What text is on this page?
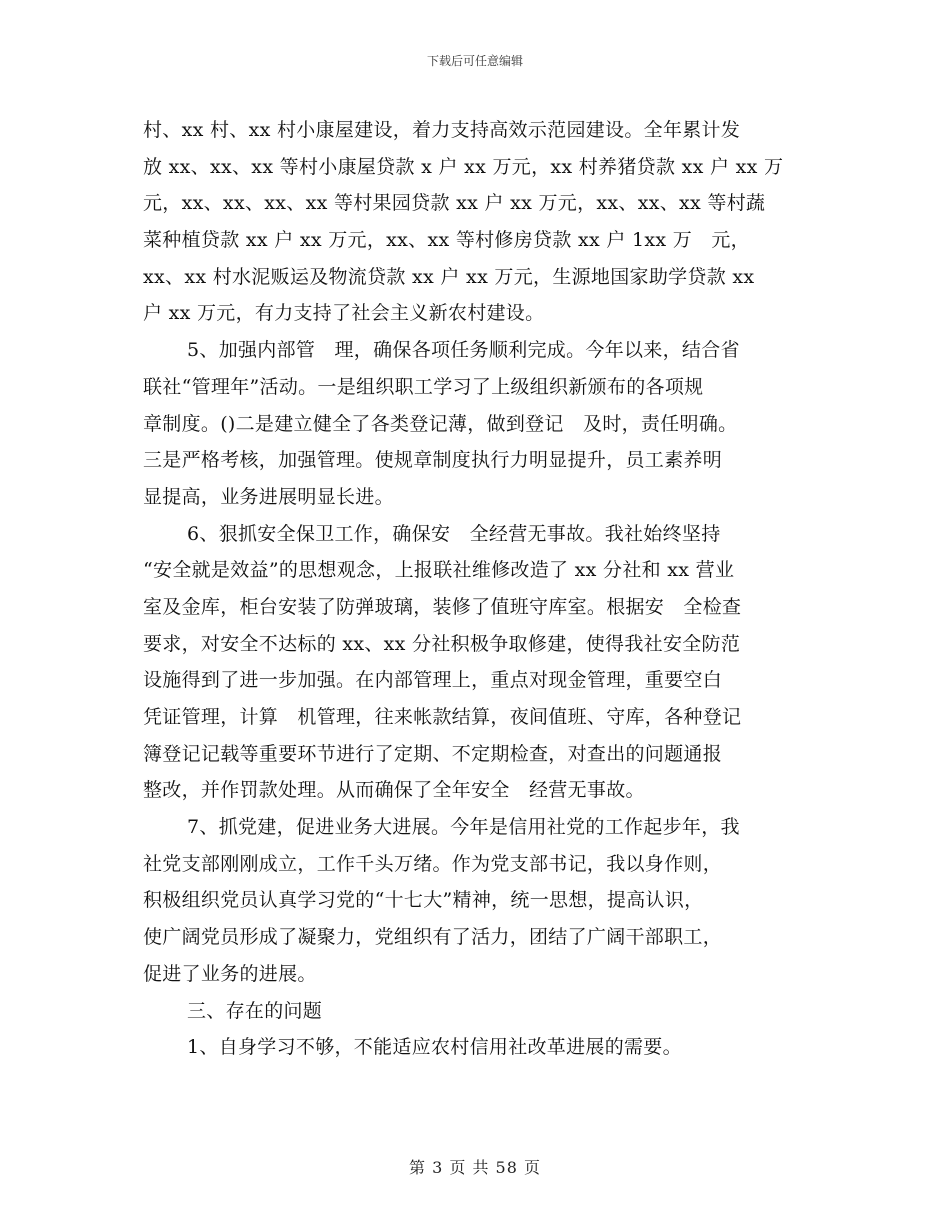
下载后可任意编辑
村、xx 村、xx 村小康屋建设，着力支持高效示范园建设。全年累计发
放 xx、xx、xx 等村小康屋贷款 x 户 xx 万元，xx 村养猪贷款 xx 户 xx 万
元，xx、xx、xx、xx 等村果园贷款 xx 户 xx 万元，xx、xx、xx 等村蔬
菜种植贷款 xx 户 xx 万元，xx、xx 等村修房贷款 xx 户 1xx 万　元，
xx、xx 村水泥贩运及物流贷款 xx 户 xx 万元，生源地国家助学贷款 xx
户 xx 万元，有力支持了社会主义新农村建设。
5、加强内部管　理，确保各项任务顺利完成。今年以来，结合省
联社“管理年”活动。一是组织职工学习了上级组织新颁布的各项规
章制度。()二是建立健全了各类登记薄，做到登记　及时，责任明确。
三是严格考核，加强管理。使规章制度执行力明显提升，员工素养明
显提高，业务进展明显长进。
6、狠抓安全保卫工作，确保安　全经营无事故。我社始终坚持
“安全就是效益”的思想观念，上报联社维修改造了 xx 分社和 xx 营业
室及金库，柜台安装了防弹玻璃，装修了值班守库室。根据安　全检查
要求，对安全不达标的 xx、xx 分社积极争取修建，使得我社安全防范
设施得到了进一步加强。在内部管理上，重点对现金管理，重要空白
凭证管理，计算　机管理，往来帐款结算，夜间值班、守库，各种登记
簿登记记载等重要环节进行了定期、不定期检查，对查出的问题通报
整改，并作罚款处理。从而确保了全年安全　经营无事故。
7、抓党建，促进业务大进展。今年是信用社党的工作起步年，我
社党支部刚刚成立，工作千头万绪。作为党支部书记，我以身作则，
积极组织党员认真学习党的“十七大”精神，统一思想，提高认识，
使广阔党员形成了凝聚力，党组织有了活力，团结了广阔干部职工，
促进了业务的进展。
三、存在的问题
1、自身学习不够，不能适应农村信用社改革进展的需要。
第 3 页 共 58 页
